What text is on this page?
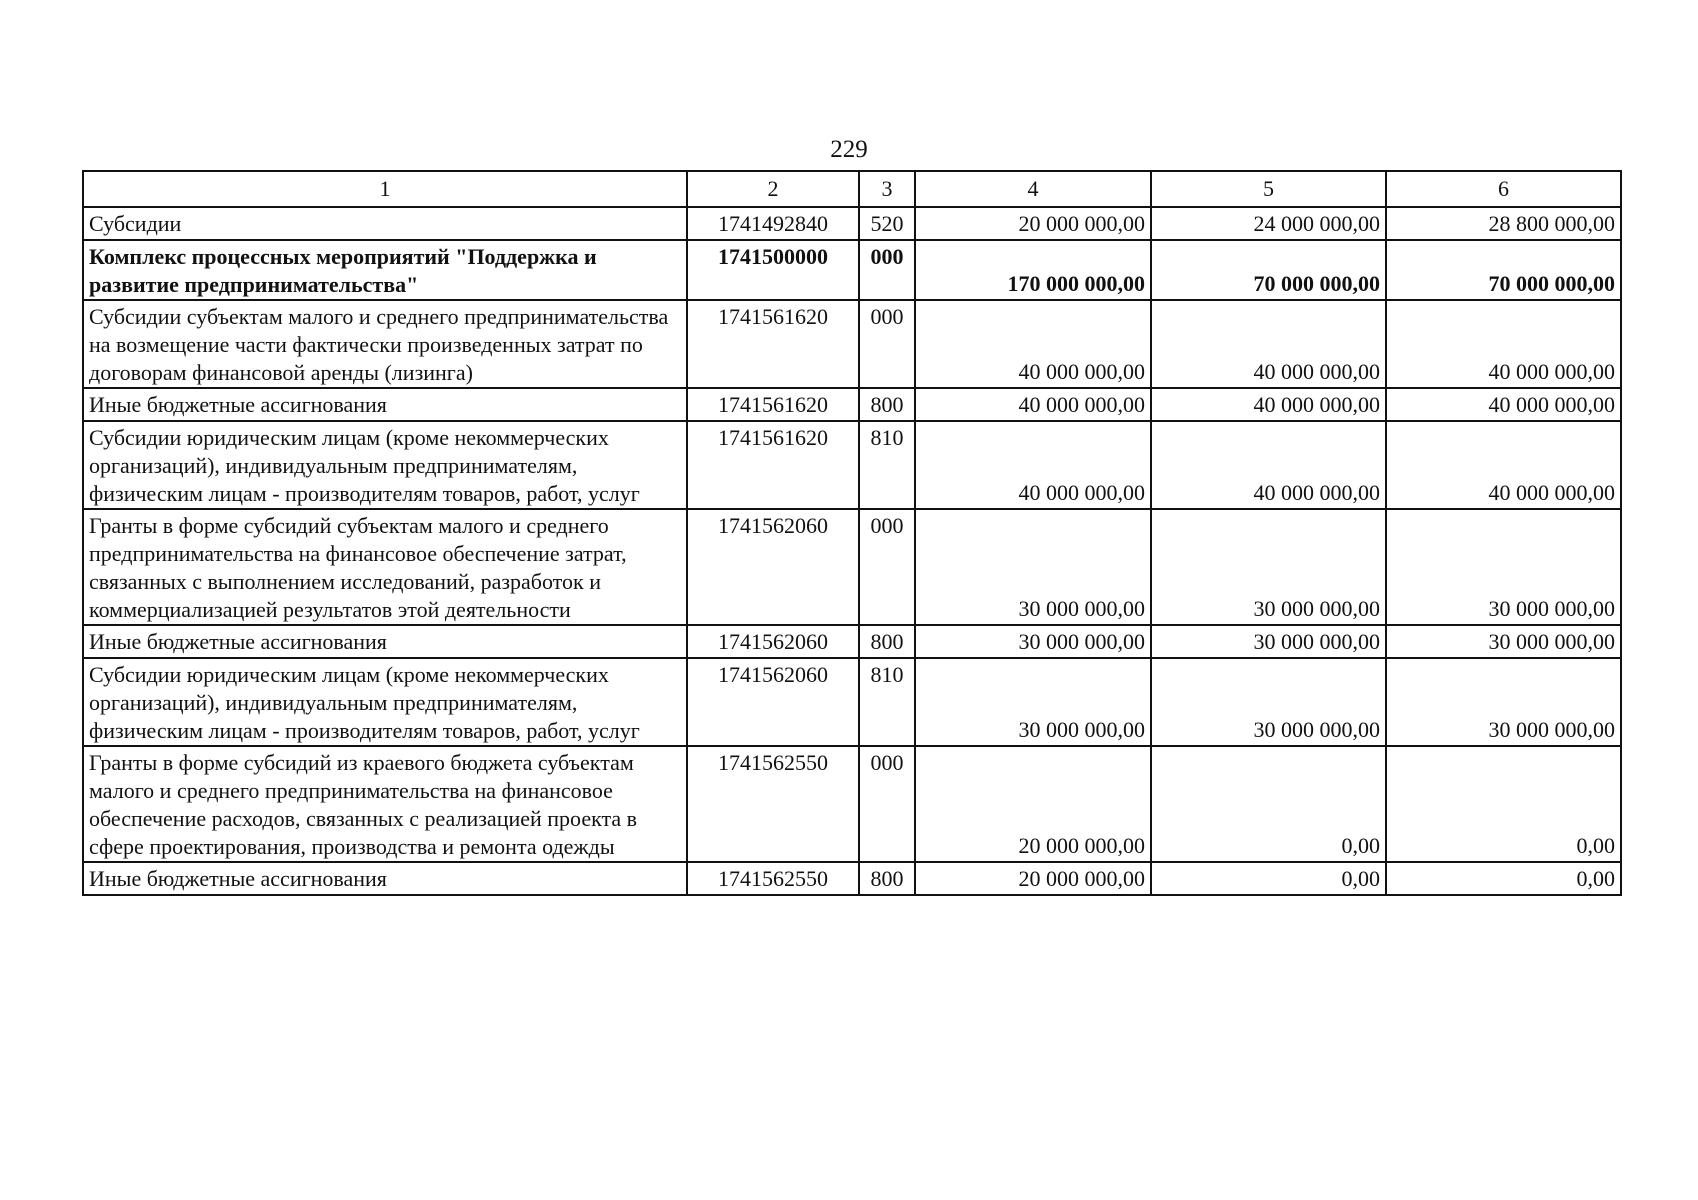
229
1	2	3	4	5	6
Субсидии	1741492840	520	20 000 000,00	24 000 000,00	28 800 000,00
Комплекс процессных мероприятий "Поддержка и развитие предпринимательства"	1741500000	000	170 000 000,00	70 000 000,00	70 000 000,00
Субсидии субъектам малого и среднего предпринимательства на возмещение части фактически произведенных затрат по договорам финансовой аренды (лизинга)	1741561620	000	40 000 000,00	40 000 000,00	40 000 000,00
Иные бюджетные ассигнования	1741561620	800	40 000 000,00	40 000 000,00	40 000 000,00
Субсидии юридическим лицам (кроме некоммерческих организаций), индивидуальным предпринимателям, физическим лицам - производителям товаров, работ, услуг	1741561620	810	40 000 000,00	40 000 000,00	40 000 000,00
Гранты в форме субсидий субъектам малого и среднего предпринимательства на финансовое обеспечение затрат, связанных с выполнением исследований, разработок и коммерциализацией результатов этой деятельности	1741562060	000	30 000 000,00	30 000 000,00	30 000 000,00
Иные бюджетные ассигнования	1741562060	800	30 000 000,00	30 000 000,00	30 000 000,00
Субсидии юридическим лицам (кроме некоммерческих организаций), индивидуальным предпринимателям, физическим лицам - производителям товаров, работ, услуг	1741562060	810	30 000 000,00	30 000 000,00	30 000 000,00
Гранты в форме субсидий из краевого бюджета субъектам малого и среднего предпринимательства на финансовое обеспечение расходов, связанных с реализацией проекта в сфере проектирования, производства и ремонта одежды	1741562550	000	20 000 000,00	0,00	0,00
Иные бюджетные ассигнования	1741562550	800	20 000 000,00	0,00	0,00
